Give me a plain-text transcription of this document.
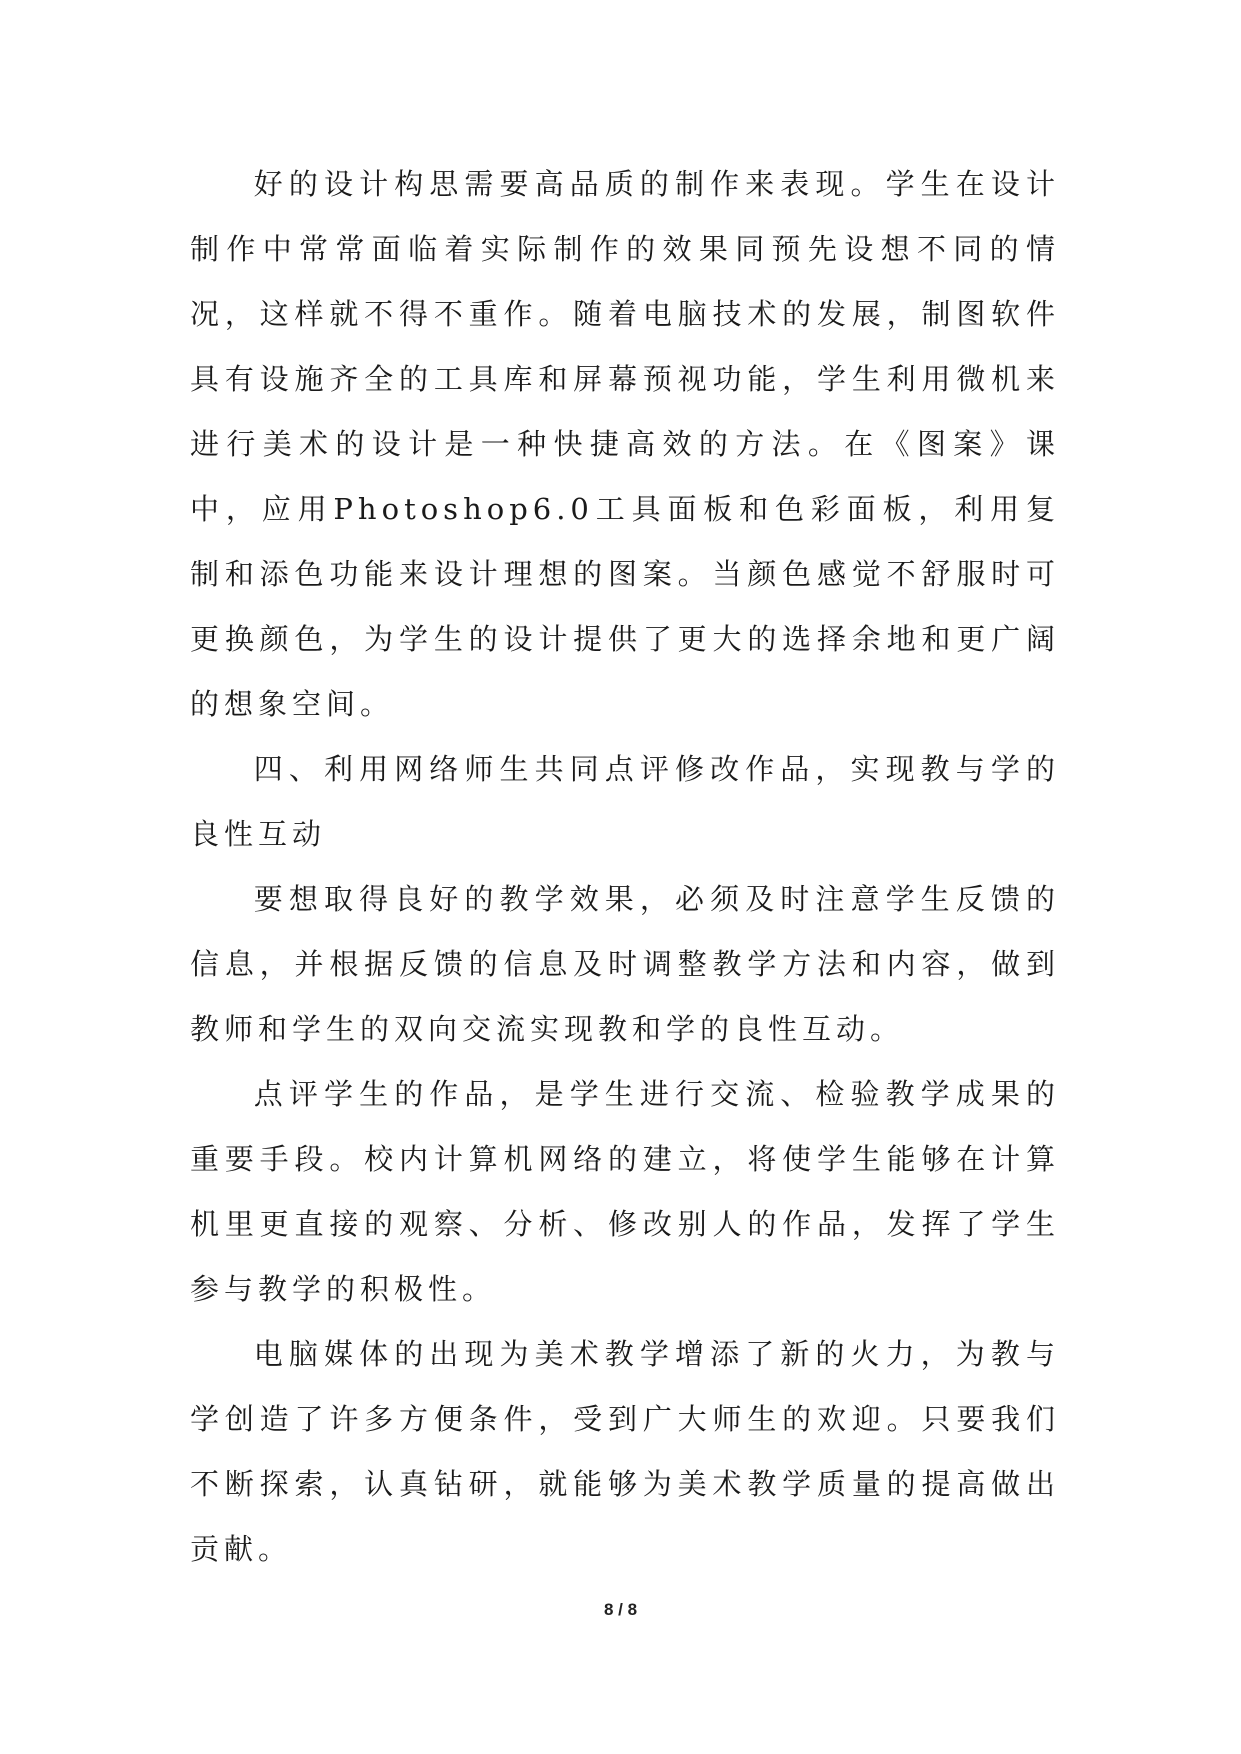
好的设计构思需要高品质的制作来表现。学生在设计制作中常常面临着实际制作的效果同预先设想不同的情况，这样就不得不重作。随着电脑技术的发展，制图软件具有设施齐全的工具库和屏幕预视功能，学生利用微机来进行美术的设计是一种快捷高效的方法。在《图案》课中，应用Photoshop6.0工具面板和色彩面板，利用复制和添色功能来设计理想的图案。当颜色感觉不舒服时可更换颜色，为学生的设计提供了更大的选择余地和更广阔的想象空间。

四、利用网络师生共同点评修改作品，实现教与学的良性互动

要想取得良好的教学效果，必须及时注意学生反馈的信息，并根据反馈的信息及时调整教学方法和内容，做到教师和学生的双向交流实现教和学的良性互动。

点评学生的作品，是学生进行交流、检验教学成果的重要手段。校内计算机网络的建立，将使学生能够在计算机里更直接的观察、分析、修改别人的作品，发挥了学生参与教学的积极性。

电脑媒体的出现为美术教学增添了新的火力，为教与学创造了许多方便条件，受到广大师生的欢迎。只要我们不断探索，认真钻研，就能够为美术教学质量的提高做出贡献。

8 / 8
